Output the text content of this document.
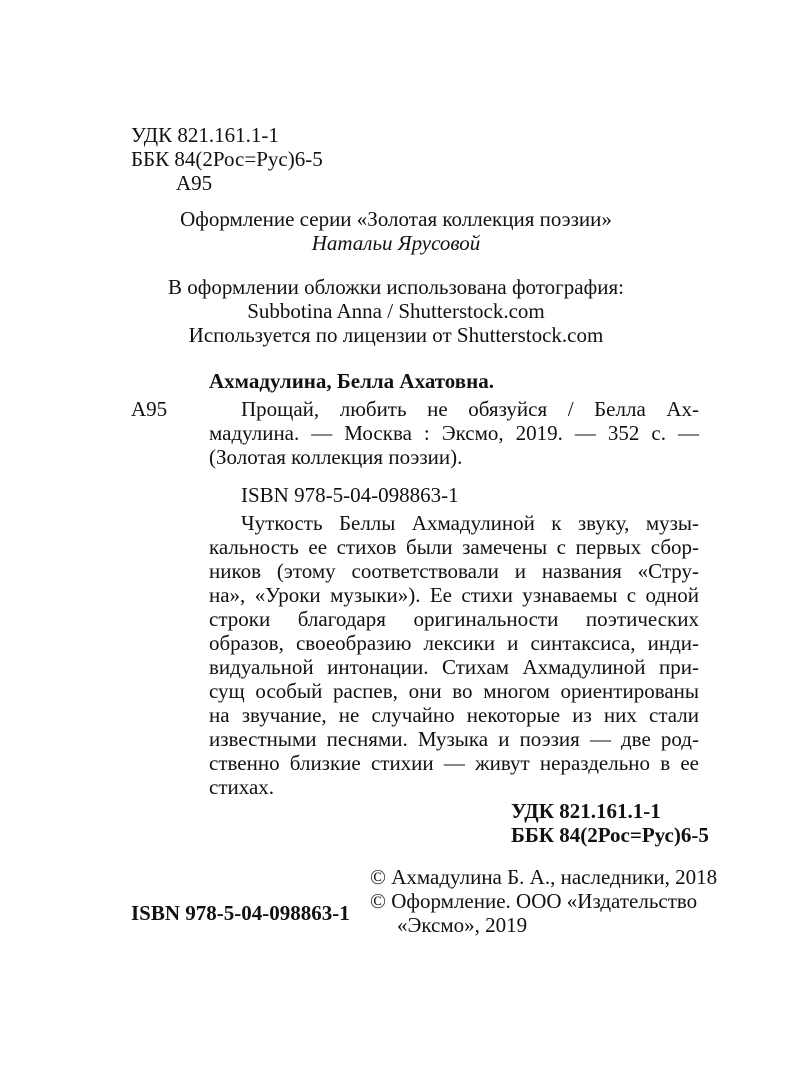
УДК 821.161.1-1
ББК 84(2Рос=Рус)6-5
А95
Оформление серии «Золотая коллекция поэзии»
Натальи Ярусовой
В оформлении обложки использована фотография:
Subbotina Anna / Shutterstock.com
Используется по лицензии от Shutterstock.com
Ахмадулина, Белла Ахатовна.
А95	Прощай, любить не обязуйся / Белла Ах-
мадулина. — Москва : Эксмо, 2019. — 352 с. —
(Золотая коллекция поэзии).
ISBN 978-5-04-098863-1
Чуткость Беллы Ахмадулиной к звуку, музы-
кальность ее стихов были замечены с первых сбор-
ников (этому соответствовали и названия «Стру-
на», «Уроки музыки»). Ее стихи узнаваемы с одной
строки благодаря оригинальности поэтических
образов, своеобразию лексики и синтаксиса, инди-
видуальной интонации. Стихам Ахмадулиной при-
сущ особый распев, они во многом ориентированы
на звучание, не случайно некоторые из них стали
известными песнями. Музыка и поэзия — две род-
ственно близкие стихии — живут нераздельно в ее
стихах.
УДК 821.161.1-1
ББК 84(2Рос=Рус)6-5
© Ахмадулина Б. А., наследники, 2018
© Оформление. ООО «Издательство
«Эксмо», 2019
ISBN 978-5-04-098863-1
